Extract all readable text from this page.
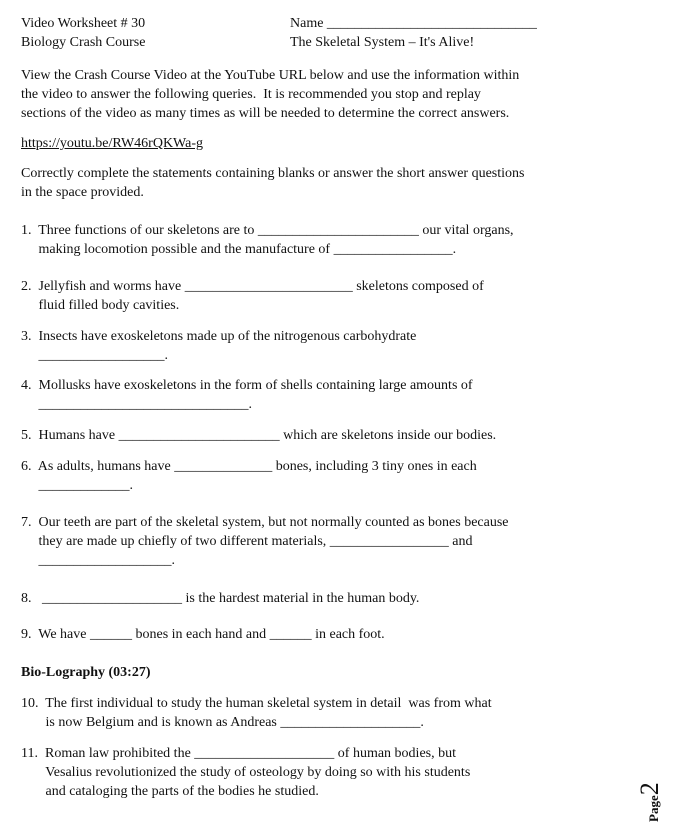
Video Worksheet # 30
Biology Crash Course
Name ______________________________
The Skeletal System – It's Alive!
View the Crash Course Video at the YouTube URL below and use the information within
the video to answer the following queries.  It is recommended you stop and replay
sections of the video as many times as will be needed to determine the correct answers.
https://youtu.be/RW46rQKWa-g
Correctly complete the statements containing blanks or answer the short answer questions
in the space provided.
1.  Three functions of our skeletons are to _______________________ our vital organs,
making locomotion possible and the manufacture of _________________.
2.  Jellyfish and worms have ________________________ skeletons composed of
fluid filled body cavities.
3.  Insects have exoskeletons made up of the nitrogenous carbohydrate
__________________.
4.  Mollusks have exoskeletons in the form of shells containing large amounts of
______________________________.
5.  Humans have _______________________ which are skeletons inside our bodies.
6.  As adults, humans have ______________ bones, including 3 tiny ones in each
_____________.
7.  Our teeth are part of the skeletal system, but not normally counted as bones because
they are made up chiefly of two different materials, _________________ and
___________________.
8.   ____________________ is the hardest material in the human body.
9.  We have ______ bones in each hand and ______ in each foot.
Bio-Lography (03:27)
10.  The first individual to study the human skeletal system in detail  was from what
is now Belgium and is known as Andreas ____________________.
11.  Roman law prohibited the ____________________ of human bodies, but
Vesalius revolutionized the study of osteology by doing so with his students
and cataloging the parts of the bodies he studied.
Page2
